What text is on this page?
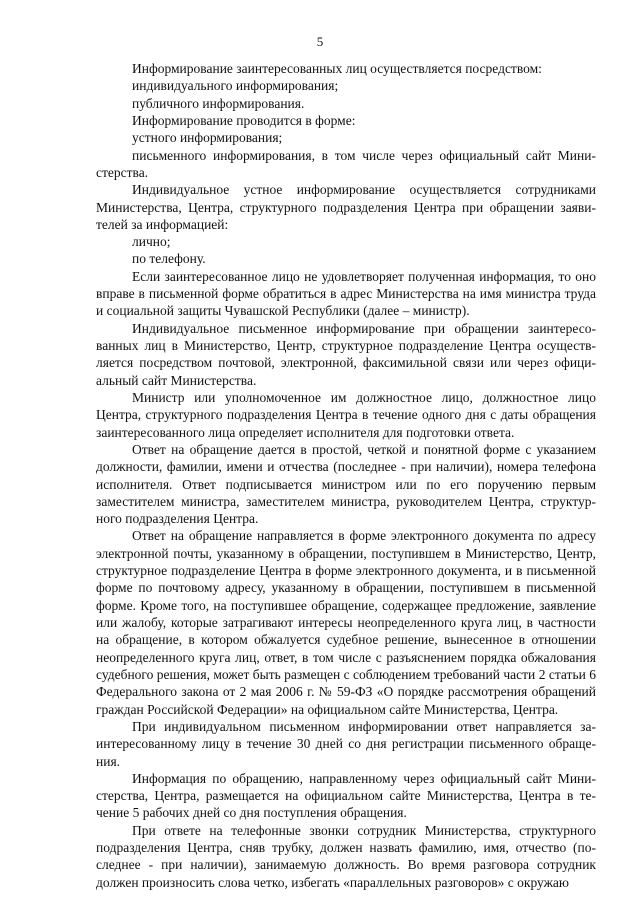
5

Информирование заинтересованных лиц осуществляется посредством:

индивидуального информирования;

публичного информирования.

Информирование проводится в форме:

устного информирования;

письменного информирования, в том числе через официальный сайт Министерства.

Индивидуальное устное информирование осуществляется сотрудниками Министерства, Центра, структурного подразделения Центра при обращении заявителей за информацией:

лично;

по телефону.

Если заинтересованное лицо не удовлетворяет полученная информация, то оно вправе в письменной форме обратиться в адрес Министерства на имя министра труда и социальной защиты Чувашской Республики (далее – министр).

Индивидуальное письменное информирование при обращении заинтересованных лиц в Министерство, Центр, структурное подразделение Центра осуществляется посредством почтовой, электронной, факсимильной связи или через официальный сайт Министерства.

Министр или уполномоченное им должностное лицо, должностное лицо Центра, структурного подразделения Центра в течение одного дня с даты обращения заинтересованного лица определяет исполнителя для подготовки ответа.

Ответ на обращение дается в простой, четкой и понятной форме с указанием должности, фамилии, имени и отчества (последнее - при наличии), номера телефона исполнителя. Ответ подписывается министром или по его поручению первым заместителем министра, заместителем министра, руководителем Центра, структурного подразделения Центра.

Ответ на обращение направляется в форме электронного документа по адресу электронной почты, указанному в обращении, поступившем в Министерство, Центр, структурное подразделение Центра в форме электронного документа, и в письменной форме по почтовому адресу, указанному в обращении, поступившем в письменной форме. Кроме того, на поступившее обращение, содержащее предложение, заявление или жалобу, которые затрагивают интересы неопределенного круга лиц, в частности на обращение, в котором обжалуется судебное решение, вынесенное в отношении неопределенного круга лиц, ответ, в том числе с разъяснением порядка обжалования судебного решения, может быть размещен с соблюдением требований части 2 статьи 6 Федерального закона от 2 мая 2006 г. № 59-ФЗ «О порядке рассмотрения обращений граждан Российской Федерации» на официальном сайте Министерства, Центра.

При индивидуальном письменном информировании ответ направляется заинтересованному лицу в течение 30 дней со дня регистрации письменного обращения.

Информация по обращению, направленному через официальный сайт Министерства, Центра, размещается на официальном сайте Министерства, Центра в течение 5 рабочих дней со дня поступления обращения.

При ответе на телефонные звонки сотрудник Министерства, структурного подразделения Центра, сняв трубку, должен назвать фамилию, имя, отчество (последнее - при наличии), занимаемую должность. Во время разговора сотрудник должен произносить слова четко, избегать «параллельных разговоров» с окружаю
